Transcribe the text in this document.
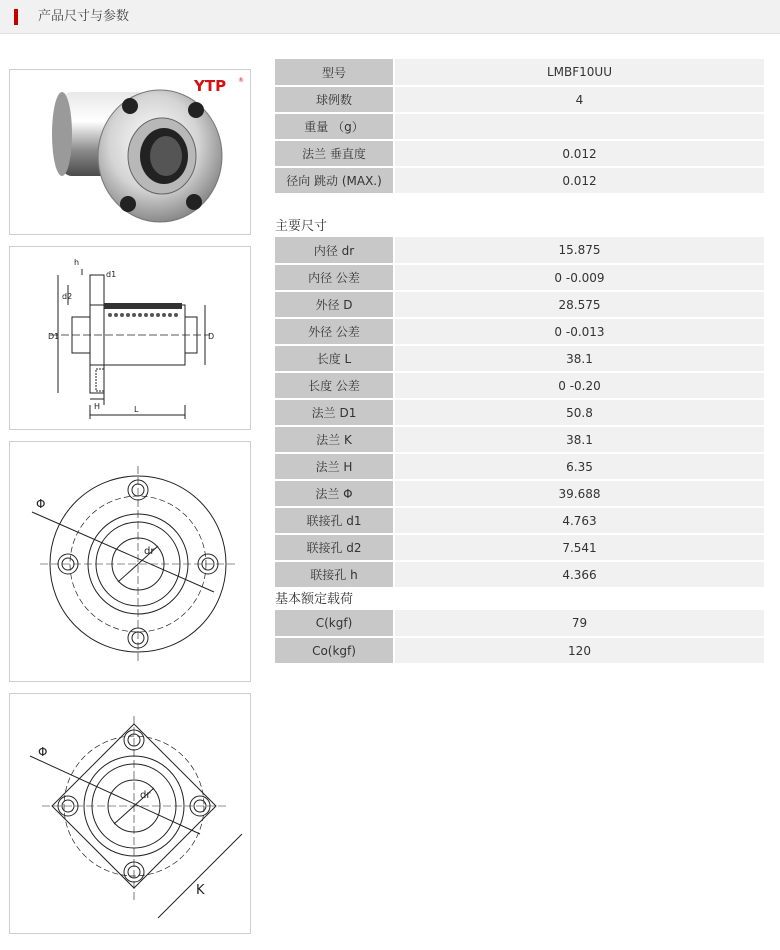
产品尺寸与参数
YTP ®
h
d1
d2
D1	D
H	L
Φ
dr
Φ
dr
K
型号	LMBF10UU
球例数	4
重量 （g）	
法兰 垂直度	0.012
径向 跳动 (MAX.)	0.012
主要尺寸
内径 dr	15.875
内径 公差	0 -0.009
外径 D	28.575
外径 公差	0 -0.013
长度 L	38.1
长度 公差	0 -0.20
法兰 D1	50.8
法兰 K	38.1
法兰 H	6.35
法兰 Φ	39.688
联接孔 d1	4.763
联接孔 d2	7.541
联接孔 h	4.366
基本额定载荷
C(kgf)	79
Co(kgf)	120
